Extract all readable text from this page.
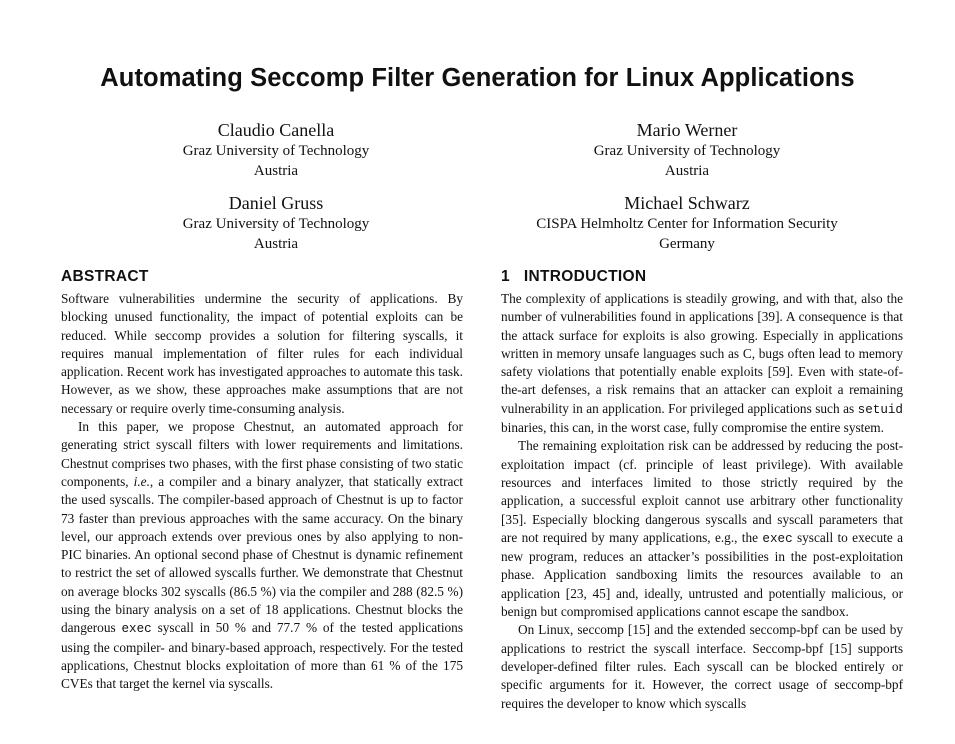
Automating Seccomp Filter Generation for Linux Applications
Claudio Canella
Graz University of Technology
Austria
Mario Werner
Graz University of Technology
Austria
Daniel Gruss
Graz University of Technology
Austria
Michael Schwarz
CISPA Helmholtz Center for Information Security
Germany
ABSTRACT

Software vulnerabilities undermine the security of applications. By blocking unused functionality, the impact of potential exploits can be reduced. While seccomp provides a solution for filtering syscalls, it requires manual implementation of filter rules for each individual application. Recent work has investigated approaches to automate this task. However, as we show, these approaches make assumptions that are not necessary or require overly time-consuming analysis.

In this paper, we propose Chestnut, an automated approach for generating strict syscall filters with lower requirements and limitations. Chestnut comprises two phases, with the first phase consisting of two static components, i.e., a compiler and a binary analyzer, that statically extract the used syscalls. The compiler-based approach of Chestnut is up to factor 73 faster than previous approaches with the same accuracy. On the binary level, our approach extends over previous ones by also applying to non-PIC binaries. An optional second phase of Chestnut is dynamic refinement to restrict the set of allowed syscalls further. We demonstrate that Chestnut on average blocks 302 syscalls (86.5 %) via the compiler and 288 (82.5 %) using the binary analysis on a set of 18 applications. Chestnut blocks the dangerous exec syscall in 50 % and 77.7 % of the tested applications using the compiler- and binary-based approach, respectively. For the tested applications, Chestnut blocks exploitation of more than 61 % of the 175 CVEs that target the kernel via syscalls.

1 INTRODUCTION

The complexity of applications is steadily growing, and with that, also the number of vulnerabilities found in applications [39]. A consequence is that the attack surface for exploits is also growing. Especially in applications written in memory unsafe languages such as C, bugs often lead to memory safety violations that potentially enable exploits [59]. Even with state-of-the-art defenses, a risk remains that an attacker can exploit a remaining vulnerability in an application. For privileged applications such as setuid binaries, this can, in the worst case, fully compromise the entire system.

The remaining exploitation risk can be addressed by reducing the post-exploitation impact (cf. principle of least privilege). With available resources and interfaces limited to those strictly required by the application, a successful exploit cannot use arbitrary other functionality [35]. Especially blocking dangerous syscalls and syscall parameters that are not required by many applications, e.g., the exec syscall to execute a new program, reduces an attacker’s possibilities in the post-exploitation phase. Application sandboxing limits the resources available to an application [23, 45] and, ideally, untrusted and potentially malicious, or benign but compromised applications cannot escape the sandbox.

On Linux, seccomp [15] and the extended seccomp-bpf can be used by applications to restrict the syscall interface. Seccomp-bpf [15] supports developer-defined filter rules. Each syscall can be blocked entirely or specific arguments for it. However, the correct usage of seccomp-bpf requires the developer to know which syscalls
